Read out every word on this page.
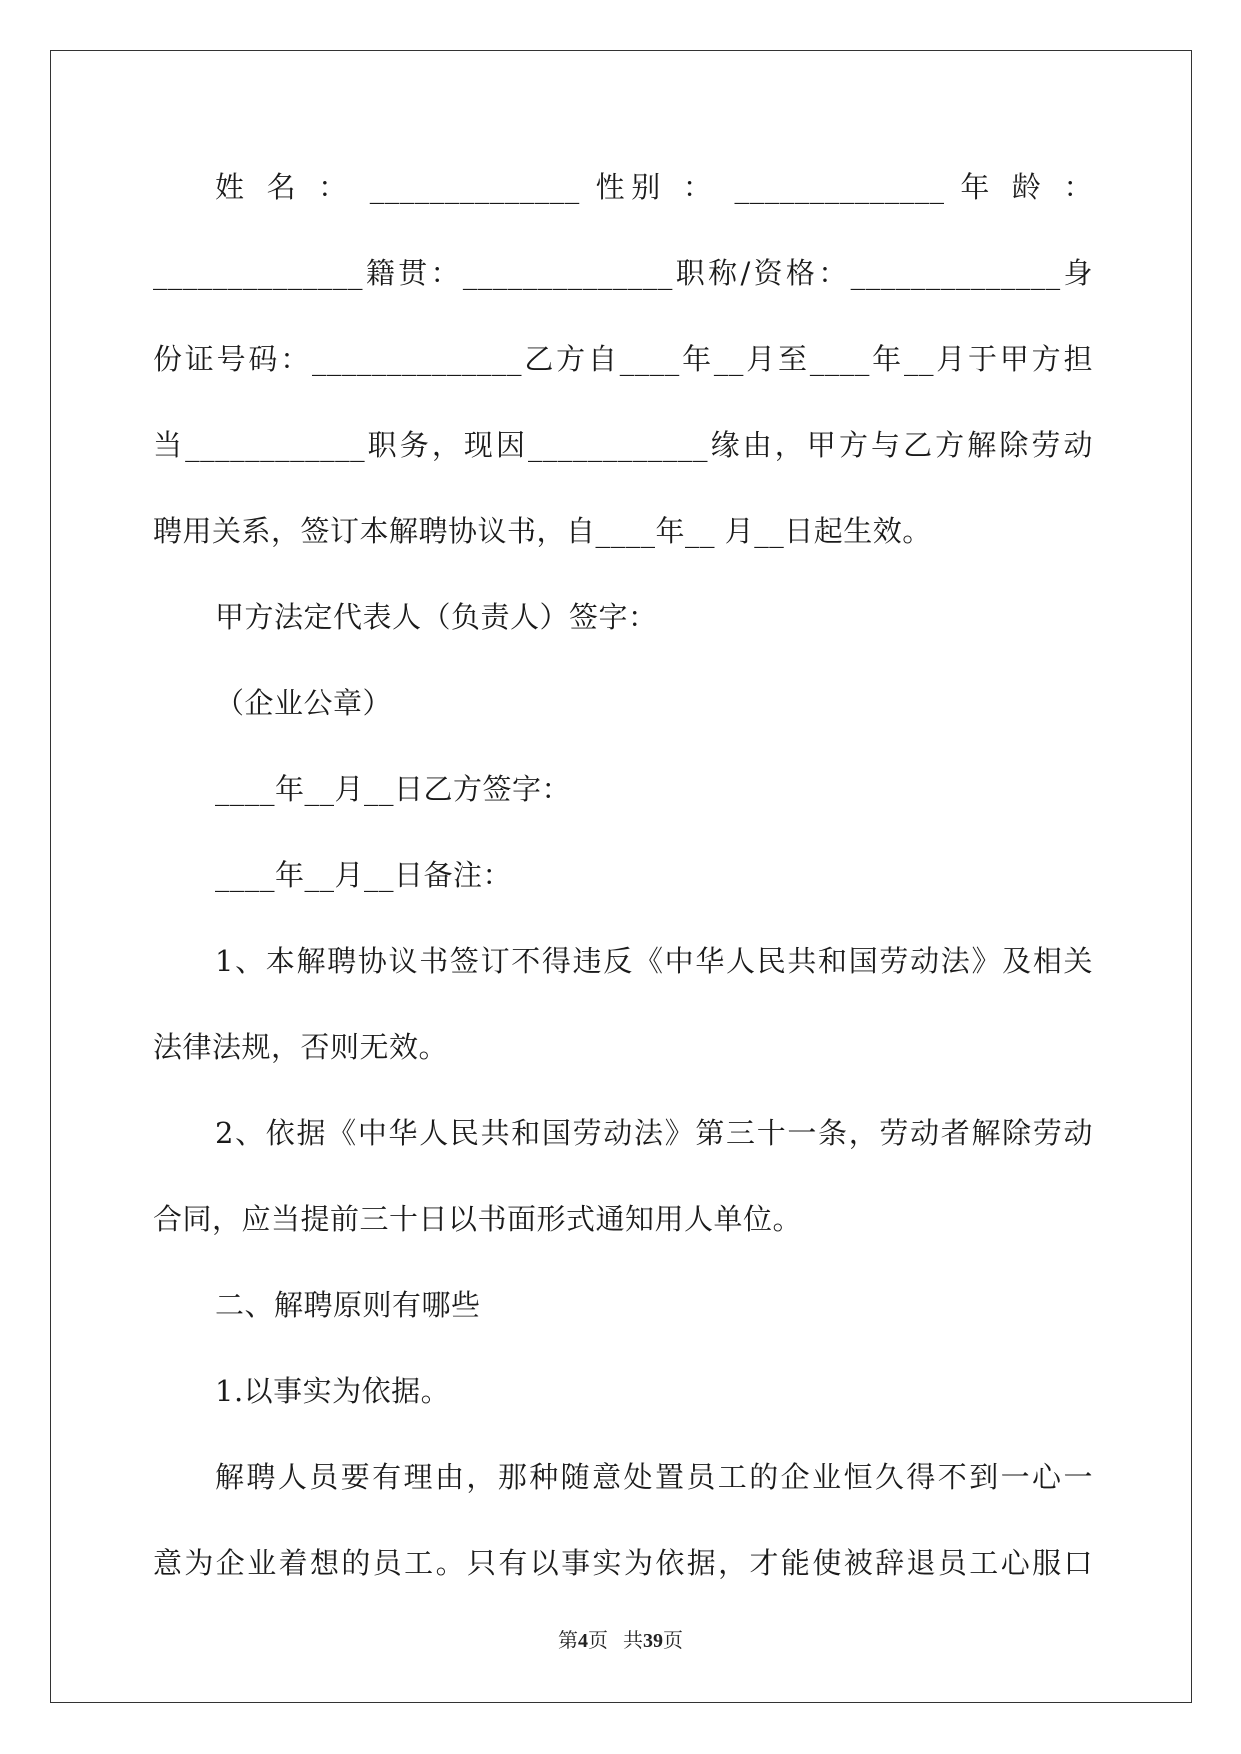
姓 名 ： ______________ 性别 ： ______________ 年 龄 ：
______________籍贯：______________职称/资格：______________身
份证号码：______________乙方自____年__月至____年__月于甲方担
当____________职务，现因____________缘由，甲方与乙方解除劳动
聘用关系，签订本解聘协议书，自____年__ 月__日起生效。
甲方法定代表人（负责人）签字：
（企业公章）
____年__月__日乙方签字：
____年__月__日备注：
1、本解聘协议书签订不得违反《中华人民共和国劳动法》及相关
法律法规，否则无效。
2、依据《中华人民共和国劳动法》第三十一条，劳动者解除劳动
合同，应当提前三十日以书面形式通知用人单位。
二、解聘原则有哪些
1.以事实为依据。
解聘人员要有理由，那种随意处置员工的企业恒久得不到一心一
意为企业着想的员工。只有以事实为依据，才能使被辞退员工心服口
第4页 共39页
